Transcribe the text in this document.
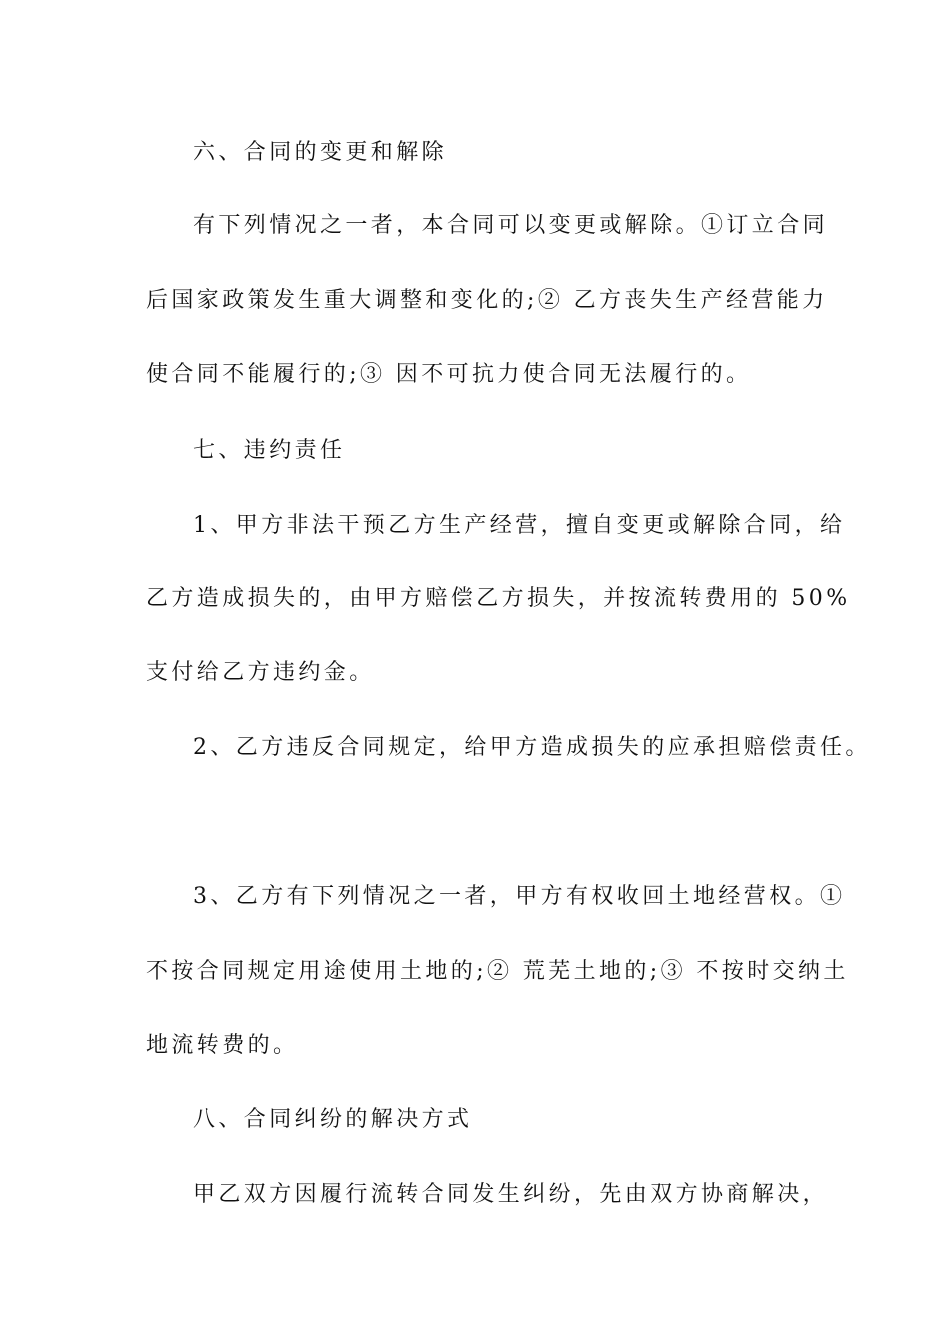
六、合同的变更和解除
有下列情况之一者，本合同可以变更或解除。①订立合同
后国家政策发生重大调整和变化的;② 乙方丧失生产经营能力
使合同不能履行的;③ 因不可抗力使合同无法履行的。
七、违约责任
1、甲方非法干预乙方生产经营，擅自变更或解除合同，给
乙方造成损失的，由甲方赔偿乙方损失，并按流转费用的 50%
支付给乙方违约金。
2、乙方违反合同规定，给甲方造成损失的应承担赔偿责任。
3、乙方有下列情况之一者，甲方有权收回土地经营权。①
不按合同规定用途使用土地的;② 荒芜土地的;③ 不按时交纳土
地流转费的。
八、合同纠纷的解决方式
甲乙双方因履行流转合同发生纠纷，先由双方协商解决，
